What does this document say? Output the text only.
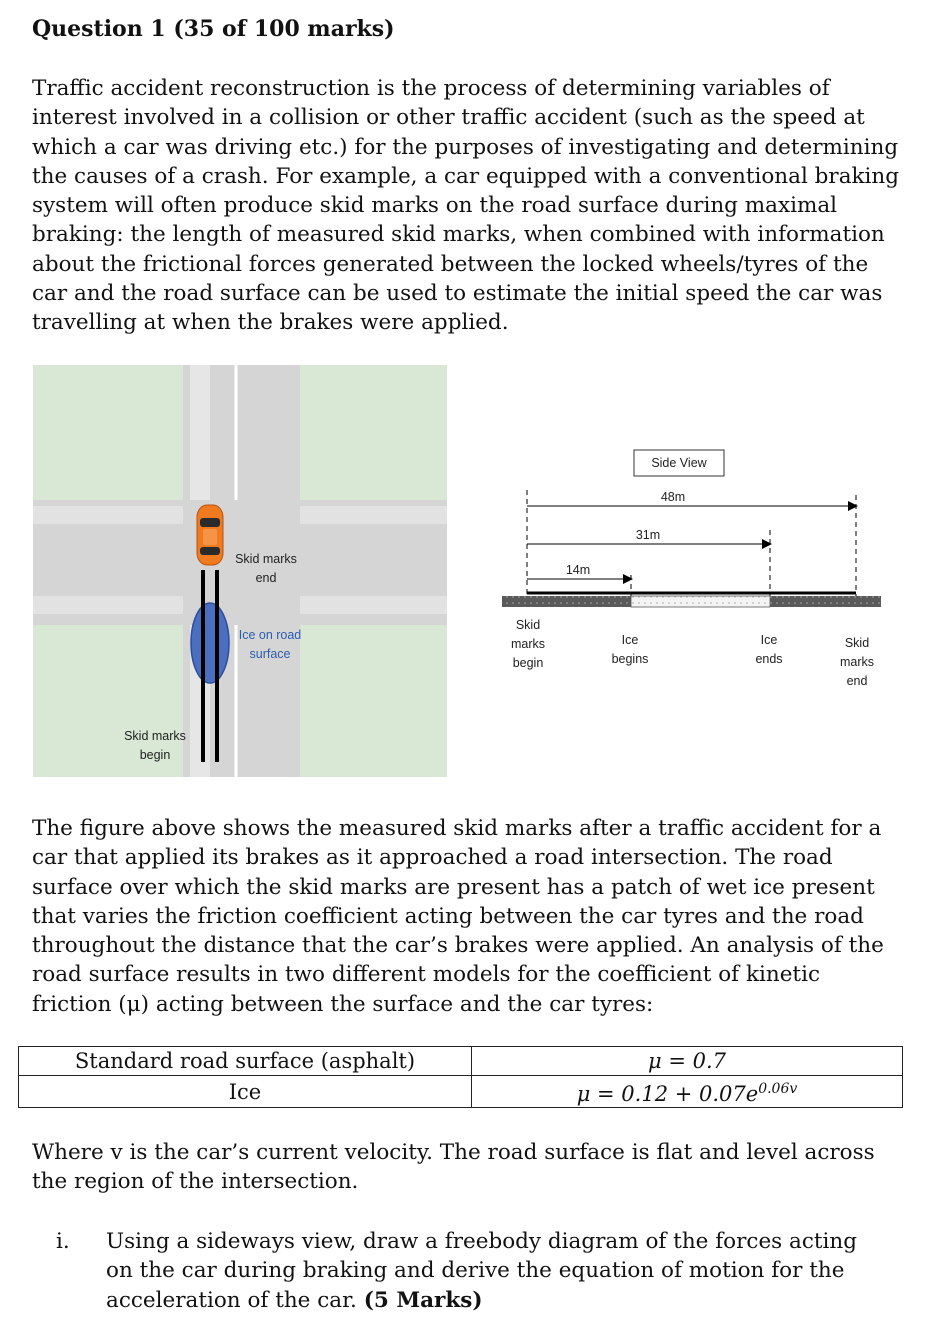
Question 1 (35 of 100 marks)

Traffic accident reconstruction is the process of determining variables of interest involved in a collision or other traffic accident (such as the speed at which a car was driving etc.) for the purposes of investigating and determining the causes of a crash. For example, a car equipped with a conventional braking system will often produce skid marks on the road surface during maximal braking: the length of measured skid marks, when combined with information about the frictional forces generated between the locked wheels/tyres of the car and the road surface can be used to estimate the initial speed the car was travelling at when the brakes were applied.

Skid marks
end
Ice on road
surface
Skid marks
begin
Side View
48m
31m
14m
Skid
marks
begin
Ice
begins
Ice
ends
Skid
marks
end

The figure above shows the measured skid marks after a traffic accident for a car that applied its brakes as it approached a road intersection. The road surface over which the skid marks are present has a patch of wet ice present that varies the friction coefficient acting between the car tyres and the road throughout the distance that the car’s brakes were applied. An analysis of the road surface results in two different models for the coefficient of kinetic friction (μ) acting between the surface and the car tyres:

Standard road surface (asphalt)	μ = 0.7
Ice	$\mu = 0.12 + 0.07e^{0.06v}$

Where v is the car’s current velocity. The road surface is flat and level across the region of the intersection.

i. Using a sideways view, draw a freebody diagram of the forces acting on the car during braking and derive the equation of motion for the acceleration of the car. (5 Marks)
